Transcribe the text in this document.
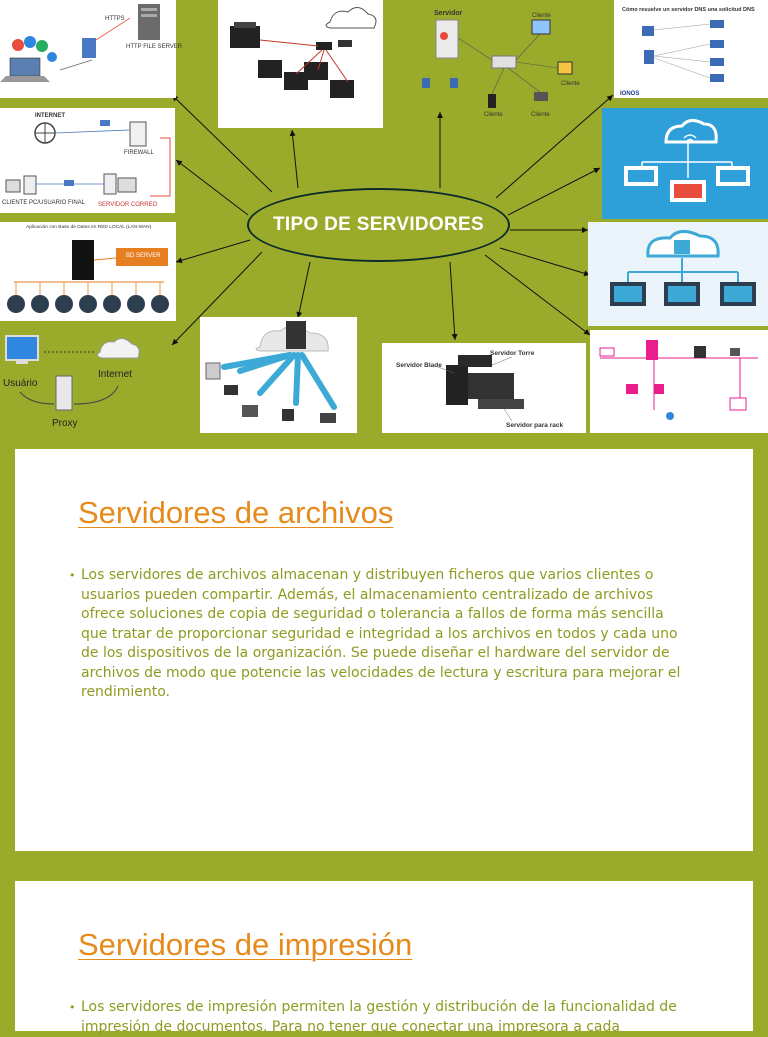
HTTPS
HTTP FILE SERVER
Servidor	Cliente
Cliente	Cliente
Cliente
Cómo resuelve un servidor DNS una solicitud DNS
IONOS
INTERNET
FIREWALL
CLIENTE PC/USUARIO FINAL SERVIDOR CORREO
Aplicación con Base de Datos en RED LOCAL (LAN-WAN)
BD SERVER
Usuário
Internet
Proxy
Servidor Blade
Servidor Torre
Servidor para rack
TIPO DE SERVIDORES
Servidores de archivos

• Los servidores de archivos almacenan y distribuyen ficheros que varios clientes o usuarios pueden compartir. Además, el almacenamiento centralizado de archivos ofrece soluciones de copia de seguridad o tolerancia a fallos de forma más sencilla que tratar de proporcionar seguridad e integridad a los archivos en todos y cada uno de los dispositivos de la organización. Se puede diseñar el hardware del servidor de archivos de modo que potencie las velocidades de lectura y escritura para mejorar el rendimiento.

Servidores de impresión

• Los servidores de impresión permiten la gestión y distribución de la funcionalidad de impresión de documentos. Para no tener que conectar una impresora a cada
